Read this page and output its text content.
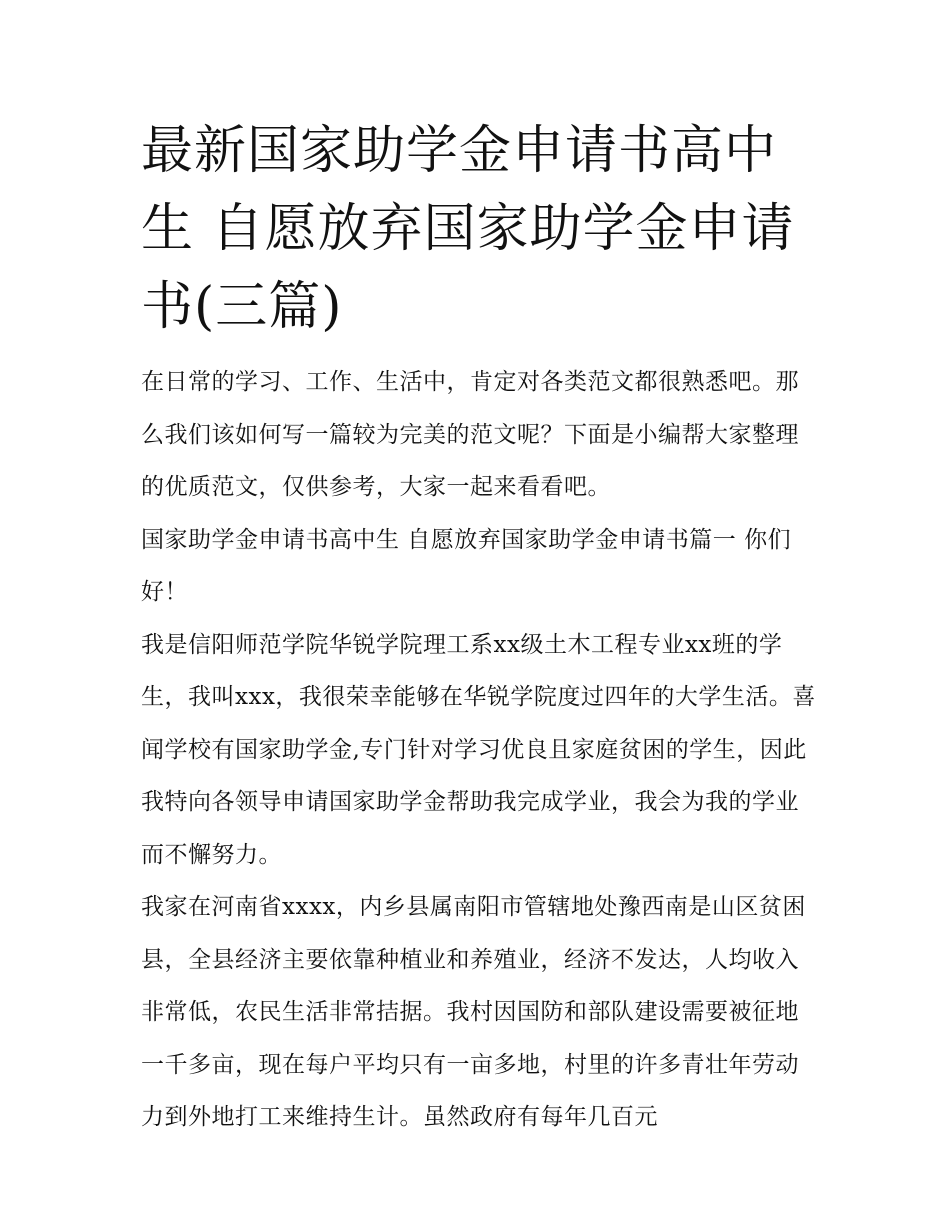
最新国家助学金申请书高中生 自愿放弃国家助学金申请书(三篇)

在日常的学习、工作、生活中，肯定对各类范文都很熟悉吧。那么我们该如何写一篇较为完美的范文呢？下面是小编帮大家整理的优质范文，仅供参考，大家一起来看看吧。

国家助学金申请书高中生 自愿放弃国家助学金申请书篇一 你们好！

我是信阳师范学院华锐学院理工系xx级土木工程专业xx班的学生，我叫xxx，我很荣幸能够在华锐学院度过四年的大学生活。喜闻学校有国家助学金,专门针对学习优良且家庭贫困的学生，因此我特向各领导申请国家助学金帮助我完成学业，我会为我的学业而不懈努力。

我家在河南省xxxx，内乡县属南阳市管辖地处豫西南是山区贫困县，全县经济主要依靠种植业和养殖业，经济不发达，人均收入非常低，农民生活非常拮据。我村因国防和部队建设需要被征地一千多亩，现在每户平均只有一亩多地，村里的许多青壮年劳动力到外地打工来维持生计。虽然政府有每年几百元
